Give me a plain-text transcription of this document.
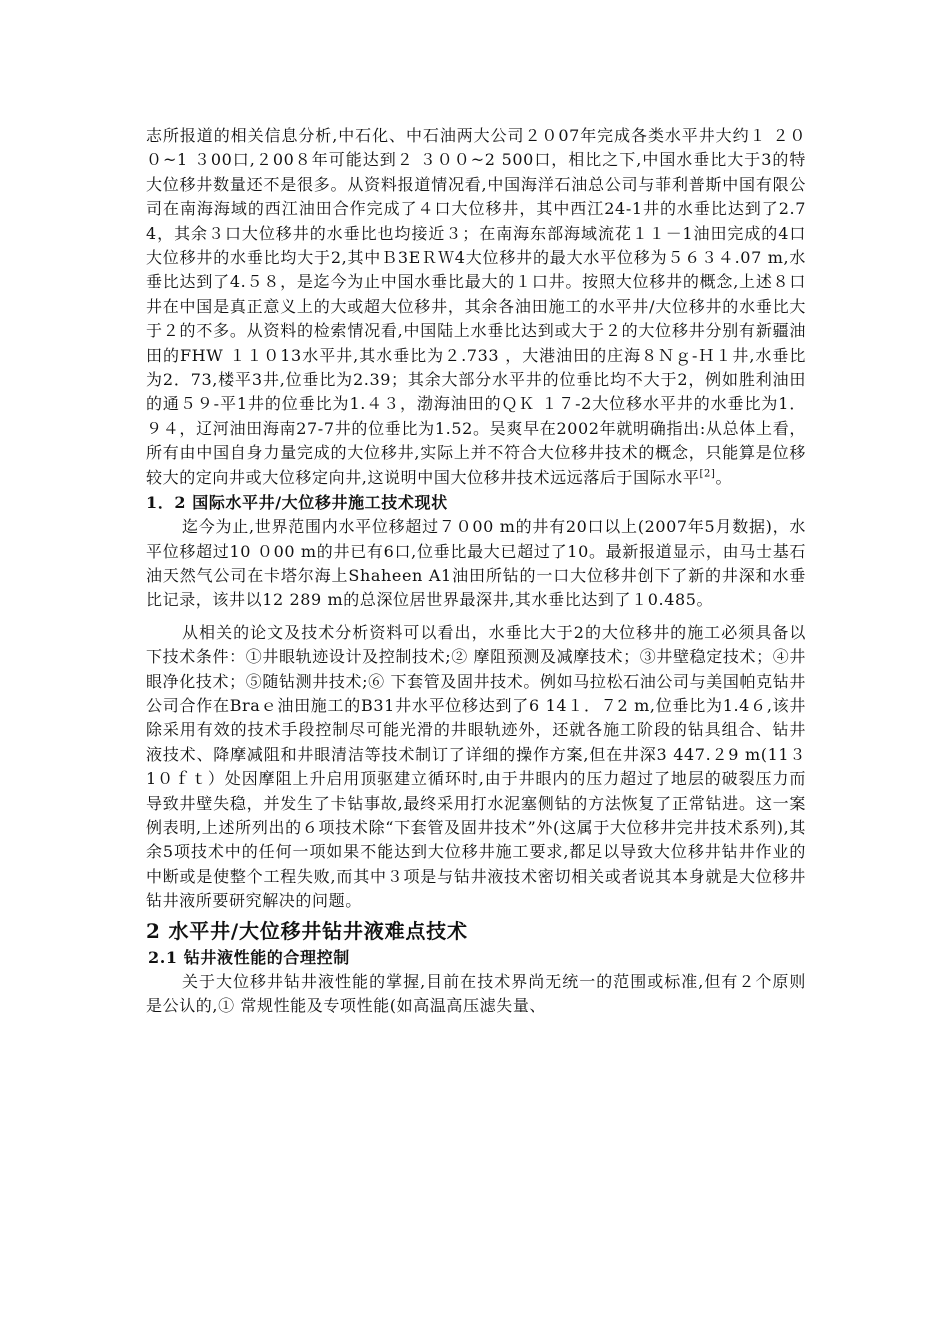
志所报道的相关信息分析,中石化、中石油两大公司２０07年完成各类水平井大约１ ２００~1 ３00口,２00８年可能达到２ ３００~2 500口，相比之下,中国水垂比大于3的特大位移井数量还不是很多。从资料报道情况看,中国海洋石油总公司与菲利普斯中国有限公司在南海海域的西江油田合作完成了４口大位移井，其中西江24-1井的水垂比达到了2.74，其余３口大位移井的水垂比也均接近３；在南海东部海域流花１１－1油田完成的4口大位移井的水垂比均大于2,其中Ｂ3EＲＷ4大位移井的最大水平位移为５６３４.07 m,水垂比达到了4.５８，是迄今为止中国水垂比最大的１口井。按照大位移井的概念,上述８口井在中国是真正意义上的大或超大位移井，其余各油田施工的水平井/大位移井的水垂比大于２的不多。从资料的检索情况看,中国陆上水垂比达到或大于２的大位移井分别有新疆油田的FHW １１０13水平井,其水垂比为２.733 ，大港油田的庄海８Ｎｇ-Ｈ１井,水垂比为2．73,楼平3井,位垂比为2.39；其余大部分水平井的位垂比均不大于2，例如胜利油田的通５９-平1井的位垂比为1.４３，渤海油田的ＱＫ １７-2大位移水平井的水垂比为1．９４，辽河油田海南27-7井的位垂比为1.52。吴爽早在2002年就明确指出:从总体上看，所有由中国自身力量完成的大位移井,实际上并不符合大位移井技术的概念，只能算是位移较大的定向井或大位移定向井,这说明中国大位移井技术远远落后于国际水平[2]。

1．2 国际水平井/大位移井施工技术现状

迄今为止,世界范围内水平位移超过７０00 m的井有20口以上(2007年5月数据)，水平位移超过10 ０00 m的井已有6口,位垂比最大已超过了10。最新报道显示，由马士基石油天然气公司在卡塔尔海上Shaheen A1油田所钻的一口大位移井创下了新的井深和水垂比记录，该井以12 289 m的总深位居世界最深井,其水垂比达到了１0.485。

从相关的论文及技术分析资料可以看出，水垂比大于2的大位移井的施工必须具备以下技术条件：①井眼轨迹设计及控制技术;② 摩阻预测及减摩技术；③井壁稳定技术；④井眼净化技术；⑤随钻测井技术;⑥ 下套管及固井技术。例如马拉松石油公司与美国帕克钻井公司合作在Braｅ油田施工的B31井水平位移达到了6 14１．７2 m,位垂比为1.4６,该井除采用有效的技术手段控制尽可能光滑的井眼轨迹外，还就各施工阶段的钻具组合、钻井液技术、降摩减阻和井眼清洁等技术制订了详细的操作方案,但在井深3 447.２9 m(11３1０ｆｔ）处因摩阻上升启用顶驱建立循环时,由于井眼内的压力超过了地层的破裂压力而导致井壁失稳，并发生了卡钻事故,最终采用打水泥塞侧钻的方法恢复了正常钻进。这一案例表明,上述所列出的６项技术除“下套管及固井技术”外(这属于大位移井完井技术系列),其余5项技术中的任何一项如果不能达到大位移井施工要求,都足以导致大位移井钻井作业的中断或是使整个工程失败,而其中３项是与钻井液技术密切相关或者说其本身就是大位移井钻井液所要研究解决的问题。

2 水平井/大位移井钻井液难点技术

2.1 钻井液性能的合理控制

关于大位移井钻井液性能的掌握,目前在技术界尚无统一的范围或标准,但有２个原则是公认的,① 常规性能及专项性能(如高温高压滤失量、
